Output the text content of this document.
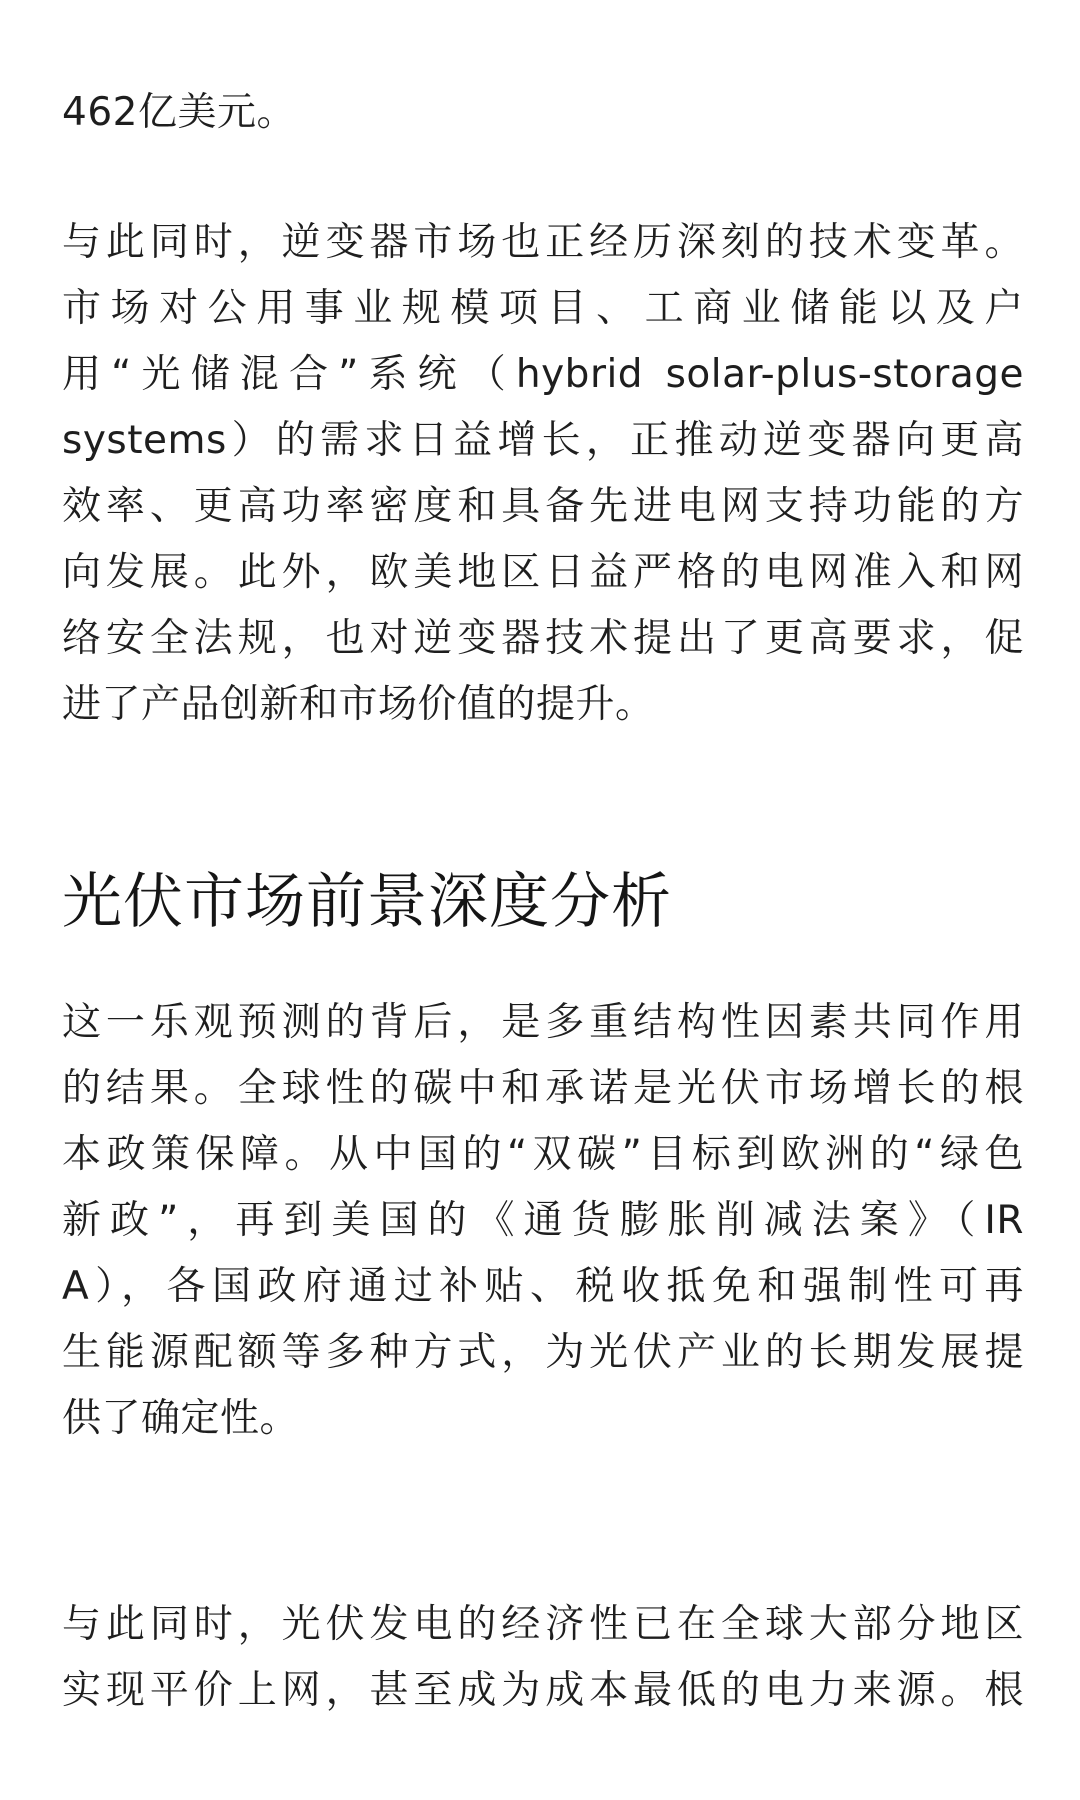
462亿美元。
与此同时，逆变器市场也正经历深刻的技术变革。
市场对公用事业规模项目、工商业储能以及户
用“光储混合”系统（hybrid solar-plus-storage
systems）的需求日益增长，正推动逆变器向更高
效率、更高功率密度和具备先进电网支持功能的方
向发展。此外，欧美地区日益严格的电网准入和网
络安全法规，也对逆变器技术提出了更高要求，促
进了产品创新和市场价值的提升。
光伏市场前景深度分析
这一乐观预测的背后，是多重结构性因素共同作用
的结果。全球性的碳中和承诺是光伏市场增长的根
本政策保障。从中国的“双碳”目标到欧洲的“绿色
新政”，再到美国的《通货膨胀削减法案》（IR
A），各国政府通过补贴、税收抵免和强制性可再
生能源配额等多种方式，为光伏产业的长期发展提
供了确定性。
与此同时，光伏发电的经济性已在全球大部分地区
实现平价上网，甚至成为成本最低的电力来源。根
